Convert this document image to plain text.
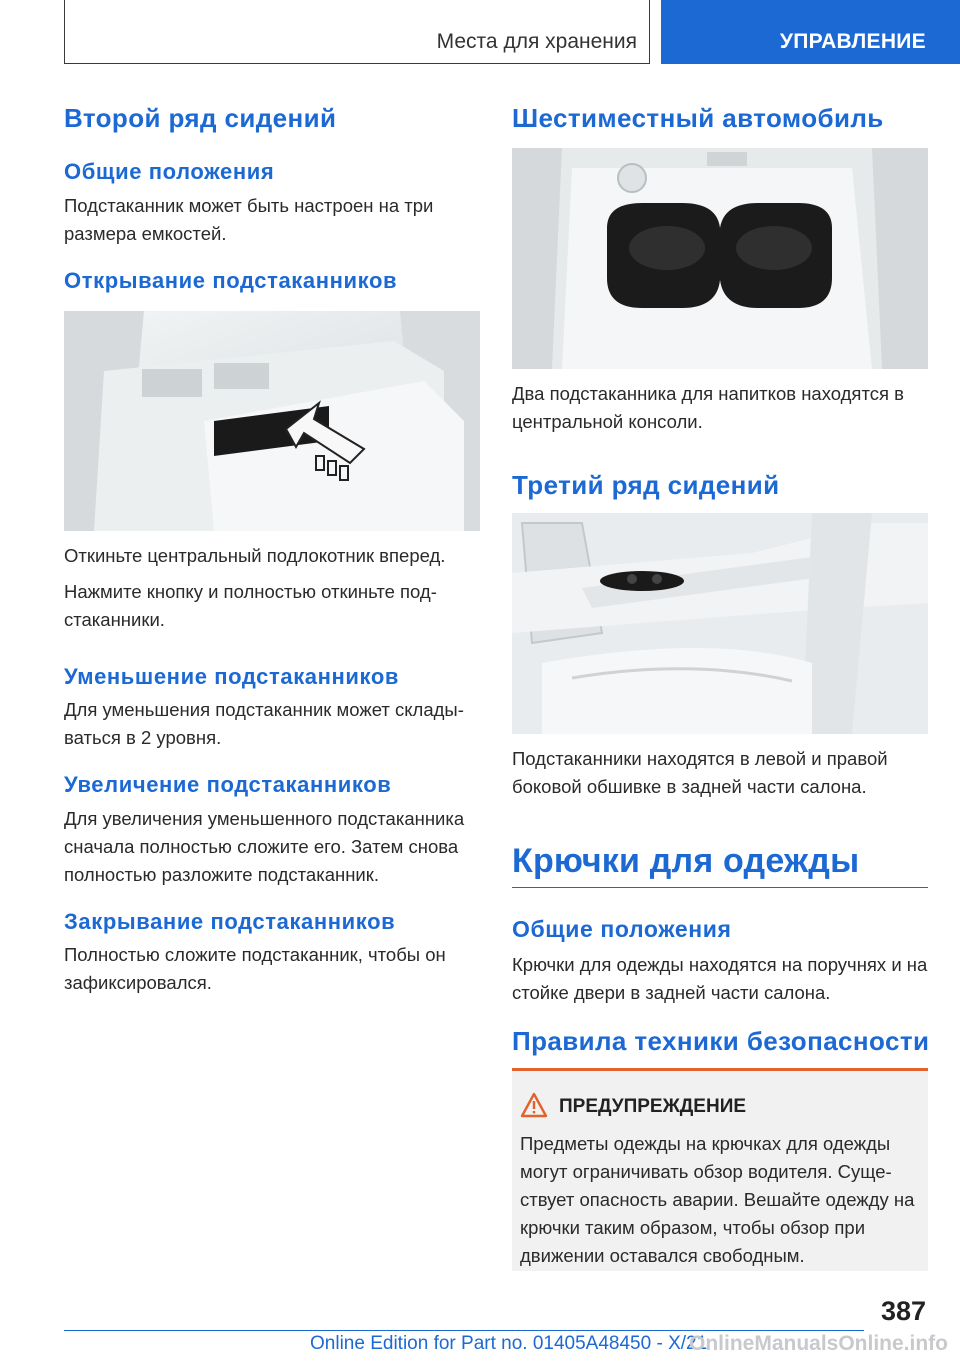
Места для хранения	УПРАВЛЕНИЕ
Второй ряд сидений
Общие положения

Подстаканник может быть настроен на три размера емкостей.

Открывание подстаканников

Откиньте центральный подлокотник вперед.

Нажмите кнопку и полностью откиньте под-стаканники.

Уменьшение подстаканников

Для уменьшения подстаканник может склады-ваться в 2 уровня.

Увеличение подстаканников

Для увеличения уменьшенного подстаканника сначала полностью сложите его. Затем снова полностью разложите подстаканник.

Закрывание подстаканников

Полностью сложите подстаканник, чтобы он зафиксировался.

Шестиместный автомобиль

Два подстаканника для напитков находятся в центральной консоли.

Третий ряд сидений

Подстаканники находятся в левой и правой боковой обшивке в задней части салона.

Крючки для одежды
Общие положения

Крючки для одежды находятся на поручнях и на стойке двери в задней части салона.

Правила техники безопасности
ПРЕДУПРЕЖДЕНИЕ

Предметы одежды на крючках для одежды могут ограничивать обзор водителя. Суще-ствует опасность аварии. Вешайте одежду на крючки таким образом, чтобы обзор при движении оставался свободным.

387
Online Edition for Part no. 01405A48450 - X/21
OnlineManualsOnline.info
